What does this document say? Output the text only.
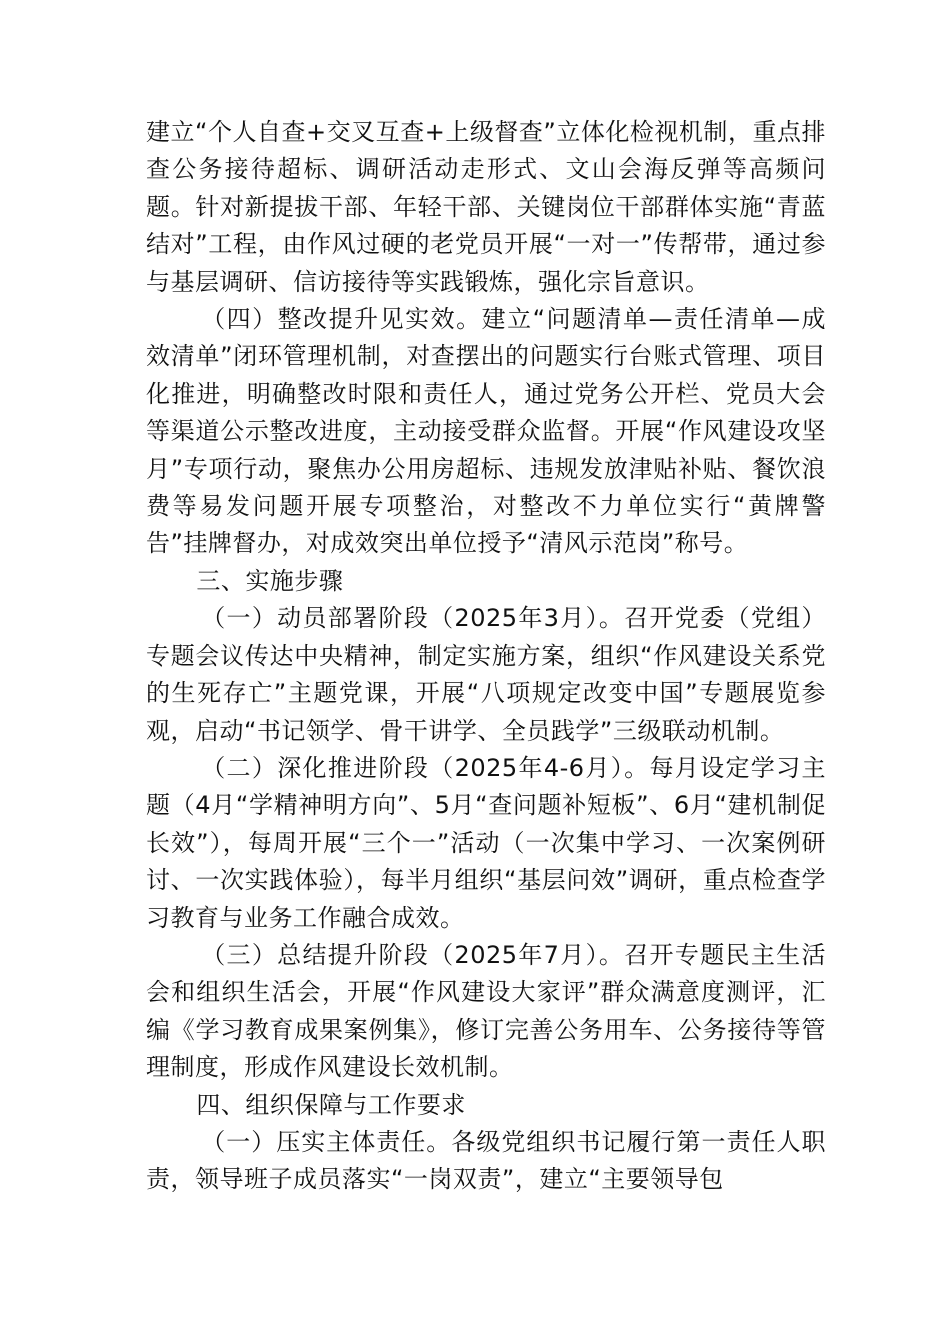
建立“个人自查+交叉互查+上级督查”立体化检视机制，重点排查公务接待超标、调研活动走形式、文山会海反弹等高频问题。针对新提拔干部、年轻干部、关键岗位干部群体实施“青蓝结对”工程，由作风过硬的老党员开展“一对一”传帮带，通过参与基层调研、信访接待等实践锻炼，强化宗旨意识。

（四）整改提升见实效。建立“问题清单—责任清单—成效清单”闭环管理机制，对查摆出的问题实行台账式管理、项目化推进，明确整改时限和责任人，通过党务公开栏、党员大会等渠道公示整改进度，主动接受群众监督。开展“作风建设攻坚月”专项行动，聚焦办公用房超标、违规发放津贴补贴、餐饮浪费等易发问题开展专项整治，对整改不力单位实行“黄牌警告”挂牌督办，对成效突出单位授予“清风示范岗”称号。

三、实施步骤

（一）动员部署阶段（2025年3月）。召开党委（党组）专题会议传达中央精神，制定实施方案，组织“作风建设关系党的生死存亡”主题党课，开展“八项规定改变中国”专题展览参观，启动“书记领学、骨干讲学、全员践学”三级联动机制。

（二）深化推进阶段（2025年4-6月）。每月设定学习主题（4月“学精神明方向”、5月“查问题补短板”、6月“建机制促长效”），每周开展“三个一”活动（一次集中学习、一次案例研讨、一次实践体验），每半月组织“基层问效”调研，重点检查学习教育与业务工作融合成效。

（三）总结提升阶段（2025年7月）。召开专题民主生活会和组织生活会，开展“作风建设大家评”群众满意度测评，汇编《学习教育成果案例集》，修订完善公务用车、公务接待等管理制度，形成作风建设长效机制。

四、组织保障与工作要求

（一）压实主体责任。各级党组织书记履行第一责任人职责，领导班子成员落实“一岗双责”，建立“主要领导包
